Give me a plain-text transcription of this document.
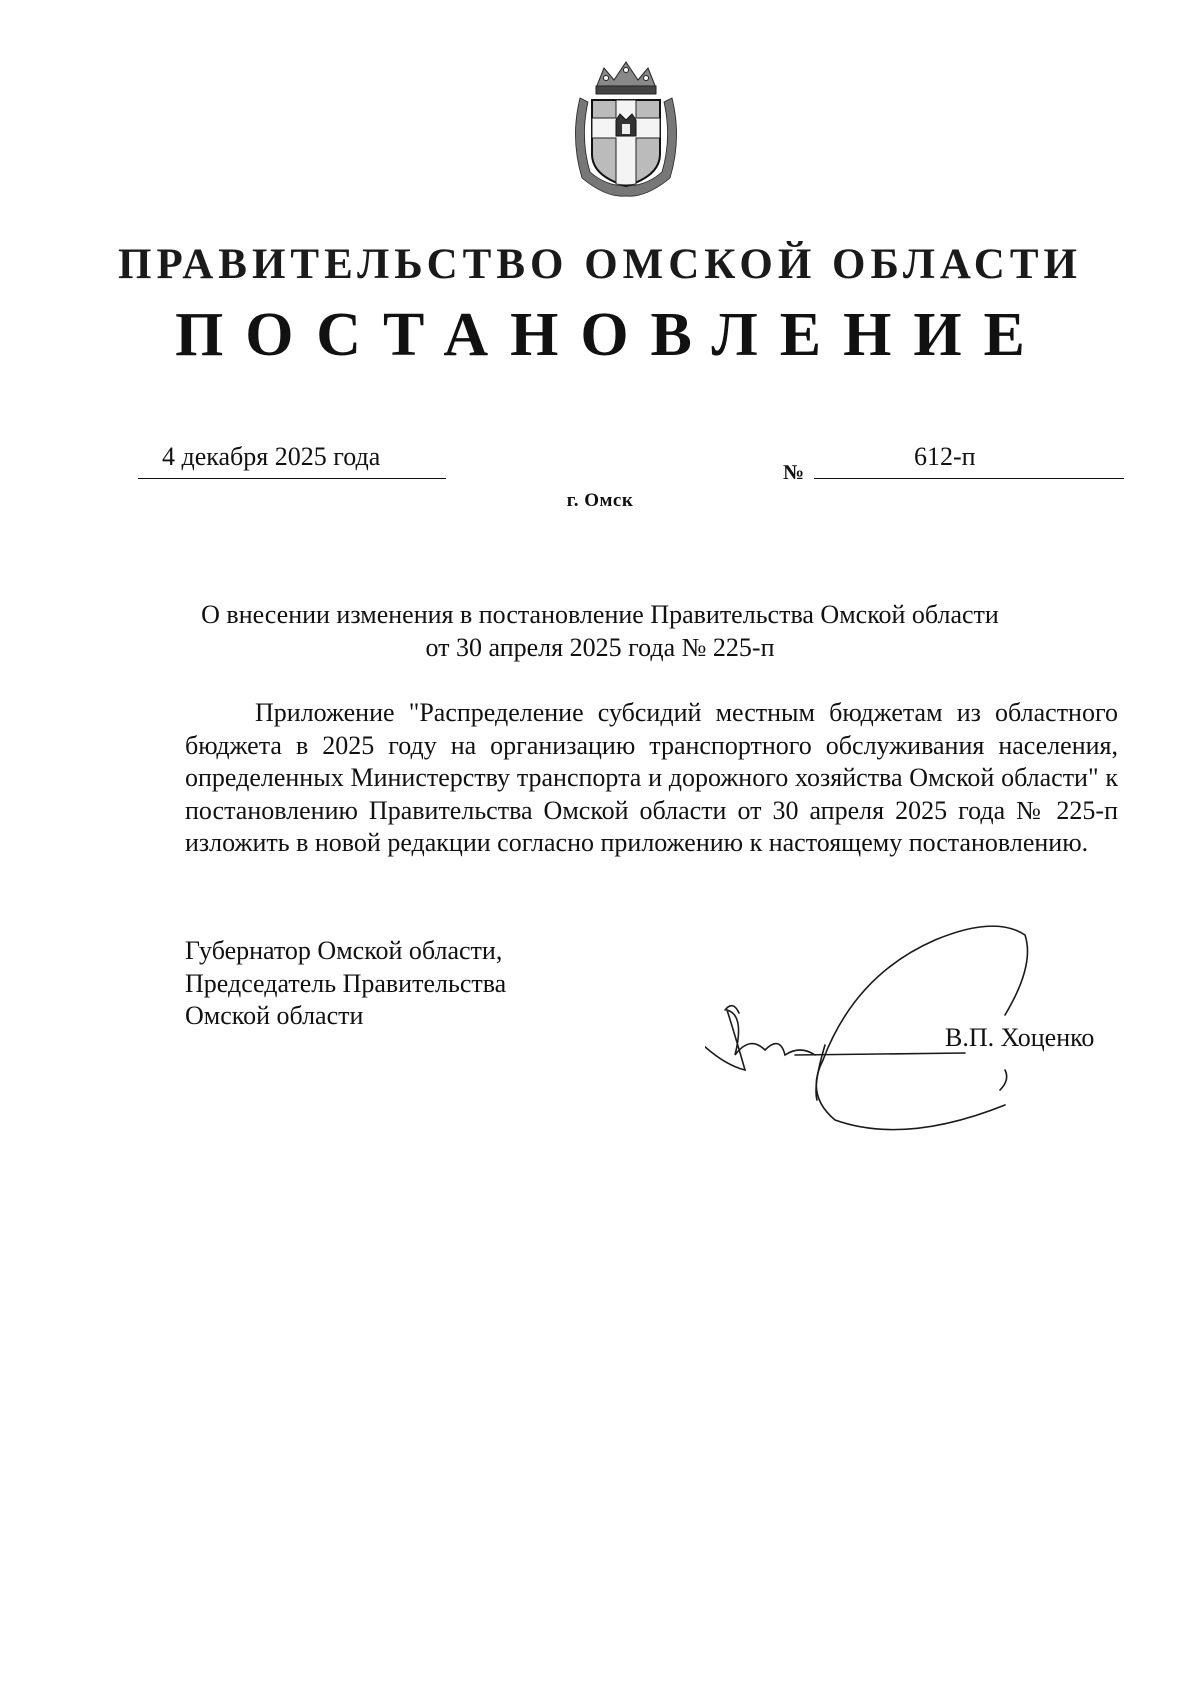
ПРАВИТЕЛЬСТВО ОМСКОЙ ОБЛАСТИ
ПОСТАНОВЛЕНИЕ
4 декабря 2025 года
№
612-п
г. Омск
О внесении изменения в постановление Правительства Омской области
от 30 апреля 2025 года № 225-п

Приложение "Распределение субсидий местным бюджетам из областного бюджета в 2025 году на организацию транспортного обслуживания населения, определенных Министерству транспорта и дорожного хозяйства Омской области" к постановлению Правительства Омской области от 30 апреля 2025 года № 225-п изложить в новой редакции согласно приложению к настоящему постановлению.

Губернатор Омской области,
Председатель Правительства
Омской области
В.П. Хоценко
